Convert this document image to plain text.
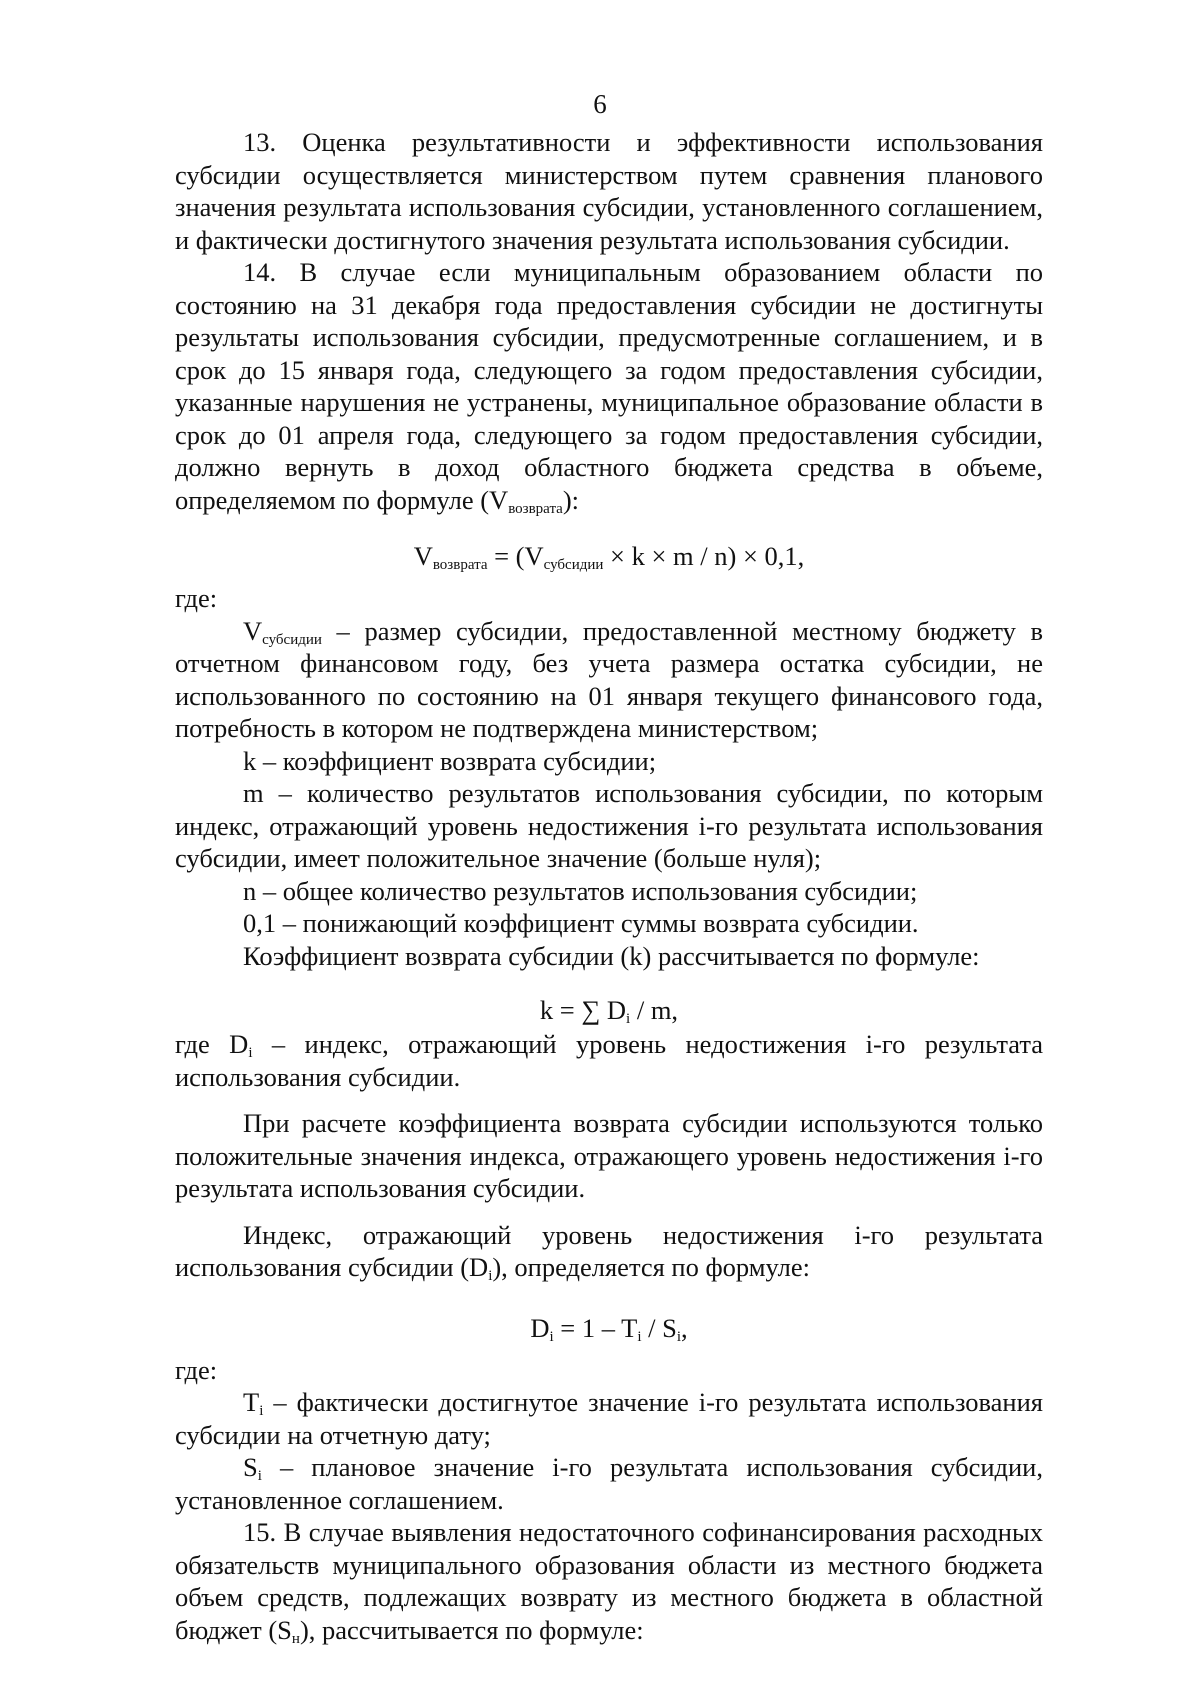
6

13. Оценка результативности и эффективности использования субсидии осуществляется министерством путем сравнения планового значения результата использования субсидии, установленного соглашением, и фактически достигнутого значения результата использования субсидии.

14. В случае если муниципальным образованием области по состоянию на 31 декабря года предоставления субсидии не достигнуты результаты использования субсидии, предусмотренные соглашением, и в срок до 15 января года, следующего за годом предоставления субсидии, указанные нарушения не устранены, муниципальное образование области в срок до 01 апреля года, следующего за годом предоставления субсидии, должно вернуть в доход областного бюджета средства в объеме, определяемом по формуле $(V_{возврата})$:

$V_{возврата} = (V_{субсидии} \times k \times m / n) \times 0,1$,

где:

$V_{субсидии}$ – размер субсидии, предоставленной местному бюджету в отчетном финансовом году, без учета размера остатка субсидии, не использованного по состоянию на 01 января текущего финансового года, потребность в котором не подтверждена министерством;

k – коэффициент возврата субсидии;

m – количество результатов использования субсидии, по которым индекс, отражающий уровень недостижения i-го результата использования субсидии, имеет положительное значение (больше нуля);

n – общее количество результатов использования субсидии;

0,1 – понижающий коэффициент суммы возврата субсидии.

Коэффициент возврата субсидии (k) рассчитывается по формуле:

k = ∑ $D_i$ / m,

где $D_i$ – индекс, отражающий уровень недостижения i-го результата использования субсидии.

При расчете коэффициента возврата субсидии используются только положительные значения индекса, отражающего уровень недостижения i-го результата использования субсидии.

Индекс, отражающий уровень недостижения i-го результата использования субсидии $(D_i)$, определяется по формуле:

$D_i = 1 - T_i / S_i$,

где:

$T_i$ – фактически достигнутое значение i-го результата использования субсидии на отчетную дату;

$S_i$ – плановое значение i-го результата использования субсидии, установленное соглашением.

15. В случае выявления недостаточного софинансирования расходных обязательств муниципального образования области из местного бюджета объем средств, подлежащих возврату из местного бюджета в областной бюджет $(S_н)$, рассчитывается по формуле:
